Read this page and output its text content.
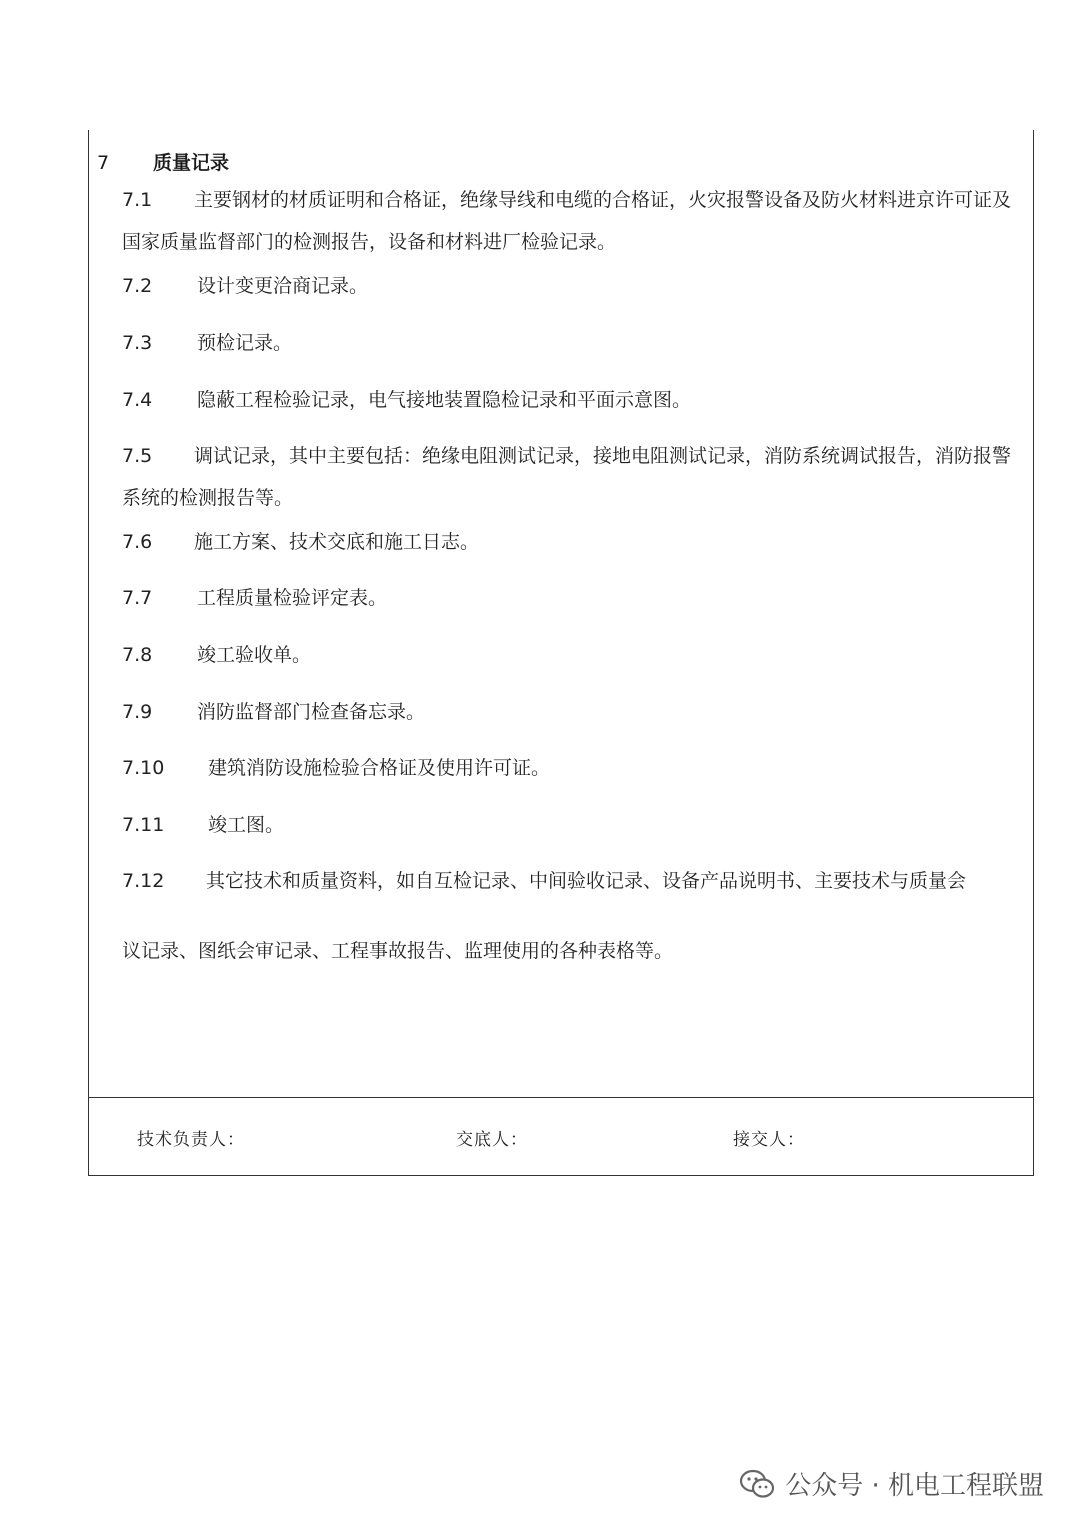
7 质量记录
7.1 主要钢材的材质证明和合格证，绝缘导线和电缆的合格证，火灾报警设备及防火材料进京许可证及国家质量监督部门的检测报告，设备和材料进厂检验记录。
7.2 设计变更洽商记录。
7.3 预检记录。
7.4 隐蔽工程检验记录，电气接地装置隐检记录和平面示意图。
7.5 调试记录，其中主要包括：绝缘电阻测试记录，接地电阻测试记录，消防系统调试报告，消防报警系统的检测报告等。
7.6 施工方案、技术交底和施工日志。
7.7 工程质量检验评定表。
7.8 竣工验收单。
7.9 消防监督部门检查备忘录。
7.10 建筑消防设施检验合格证及使用许可证。
7.11 竣工图。
7.12 其它技术和质量资料，如自互检记录、中间验收记录、设备产品说明书、主要技术与质量会
议记录、图纸会审记录、工程事故报告、监理使用的各种表格等。
技术负责人：	交底人：	接交人：
公众号 · 机电工程联盟
